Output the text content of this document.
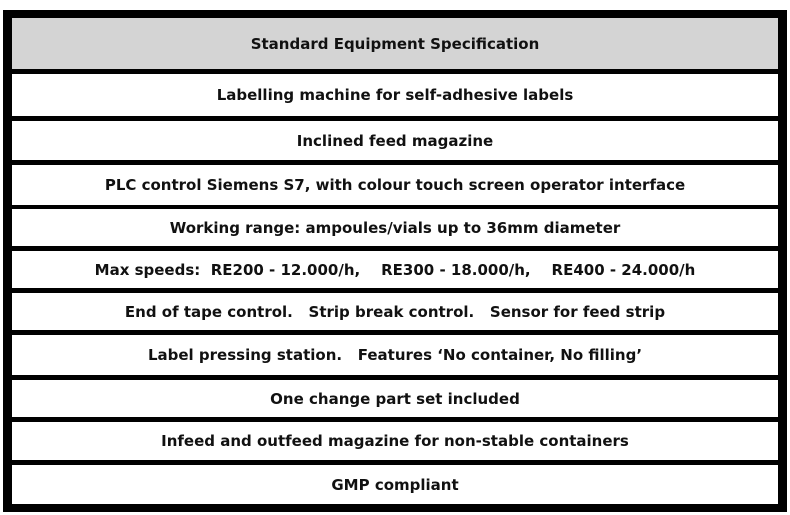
Standard Equipment Specification
Labelling machine for self-adhesive labels
Inclined feed magazine
PLC control Siemens S7, with colour touch screen operator interface
Working range: ampoules/vials up to 36mm diameter
Max speeds:  RE200 - 12.000/h,    RE300 - 18.000/h,    RE400 - 24.000/h
End of tape control.   Strip break control.   Sensor for feed strip
Label pressing station.   Features ‘No container, No filling’
One change part set included
Infeed and outfeed magazine for non-stable containers
GMP compliant
